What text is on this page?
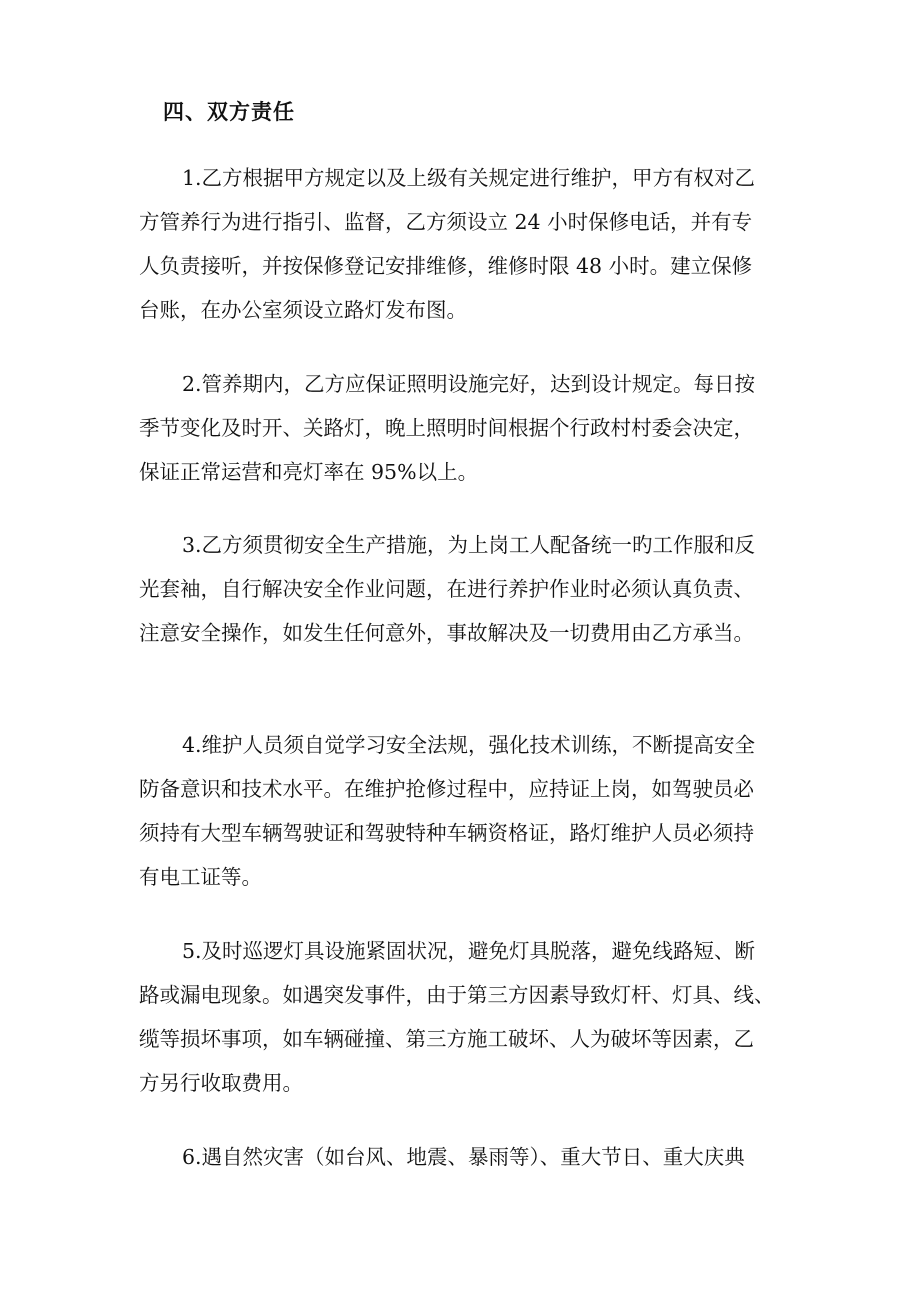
四、双方责任
1.乙方根据甲方规定以及上级有关规定进行维护，甲方有权对乙
方管养行为进行指引、监督，乙方须设立 24 小时保修电话，并有专
人负责接听，并按保修登记安排维修，维修时限 48 小时。建立保修
台账，在办公室须设立路灯发布图。
2.管养期内，乙方应保证照明设施完好，达到设计规定。每日按
季节变化及时开、关路灯，晚上照明时间根据个行政村村委会决定，
保证正常运营和亮灯率在 95%以上。
3.乙方须贯彻安全生产措施，为上岗工人配备统一旳工作服和反
光套袖，自行解决安全作业问题，在进行养护作业时必须认真负责、
注意安全操作，如发生任何意外，事故解决及一切费用由乙方承当。
4.维护人员须自觉学习安全法规，强化技术训练，不断提高安全
防备意识和技术水平。在维护抢修过程中，应持证上岗，如驾驶员必
须持有大型车辆驾驶证和驾驶特种车辆资格证，路灯维护人员必须持
有电工证等。
5.及时巡逻灯具设施紧固状况，避免灯具脱落，避免线路短、断
路或漏电现象。如遇突发事件，由于第三方因素导致灯杆、灯具、线、
缆等损坏事项，如车辆碰撞、第三方施工破坏、人为破坏等因素，乙
方另行收取费用。
6.遇自然灾害（如台风、地震、暴雨等）、重大节日、重大庆典
